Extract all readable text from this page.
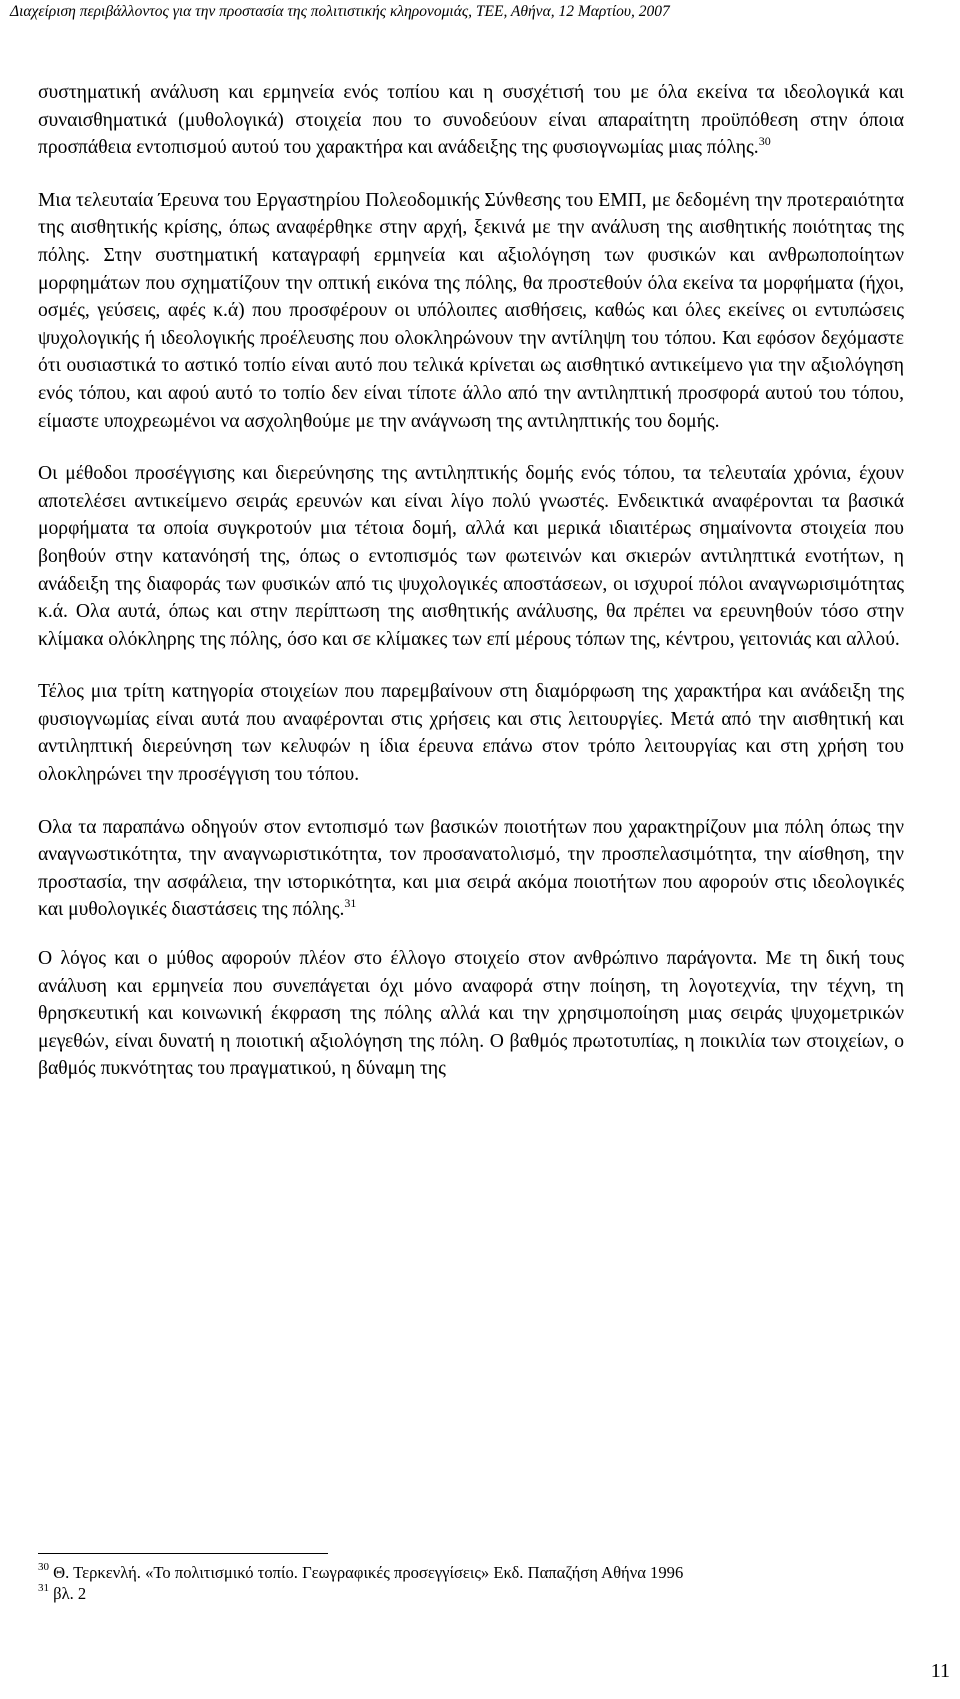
Διαχείριση περιβάλλοντος για την προστασία της πολιτιστικής κληρονομιάς, ΤΕΕ, Αθήνα, 12 Μαρτίου, 2007

συστηματική ανάλυση και ερμηνεία ενός τοπίου και η συσχέτισή του με όλα εκείνα τα ιδεολογικά και συναισθηματικά (μυθολογικά) στοιχεία που το συνοδεύουν είναι απαραίτητη προϋπόθεση στην όποια προσπάθεια εντοπισμού αυτού του χαρακτήρα και ανάδειξης της φυσιογνωμίας μιας πόλης.$^{30}$

Μια τελευταία Έρευνα του Εργαστηρίου Πολεοδομικής Σύνθεσης του ΕΜΠ, με δεδομένη την προτεραιότητα της αισθητικής κρίσης, όπως αναφέρθηκε στην αρχή, ξεκινά με την ανάλυση της αισθητικής ποιότητας της πόλης. Στην συστηματική καταγραφή ερμηνεία και αξιολόγηση των φυσικών και ανθρωποποίητων μορφημάτων που σχηματίζουν την οπτική εικόνα της πόλης, θα προστεθούν όλα εκείνα τα μορφήματα (ήχοι, οσμές, γεύσεις, αφές κ.ά) που προσφέρουν οι υπόλοιπες αισθήσεις, καθώς και όλες εκείνες οι εντυπώσεις ψυχολογικής ή ιδεολογικής προέλευσης που ολοκληρώνουν την αντίληψη του τόπου. Και εφόσον δεχόμαστε ότι ουσιαστικά το αστικό τοπίο είναι αυτό που τελικά κρίνεται ως αισθητικό αντικείμενο για την αξιολόγηση ενός τόπου, και αφού αυτό το τοπίο δεν είναι τίποτε άλλο από την αντιληπτική προσφορά αυτού του τόπου, είμαστε υποχρεωμένοι να ασχοληθούμε με την ανάγνωση της αντιληπτικής του δομής.

Οι μέθοδοι προσέγγισης και διερεύνησης της αντιληπτικής δομής ενός τόπου, τα τελευταία χρόνια, έχουν αποτελέσει αντικείμενο σειράς ερευνών και είναι λίγο πολύ γνωστές. Ενδεικτικά αναφέρονται τα βασικά μορφήματα τα οποία συγκροτούν μια τέτοια δομή, αλλά και μερικά ιδιαιτέρως σημαίνοντα στοιχεία που βοηθούν στην κατανόησή της, όπως ο εντοπισμός των φωτεινών και σκιερών αντιληπτικά ενοτήτων, η ανάδειξη της διαφοράς των φυσικών από τις ψυχολογικές αποστάσεων, οι ισχυροί πόλοι αναγνωρισιμότητας κ.ά. Ολα αυτά, όπως και στην περίπτωση της αισθητικής ανάλυσης, θα πρέπει να ερευνηθούν τόσο στην κλίμακα ολόκληρης της πόλης, όσο και σε κλίμακες των επί μέρους τόπων της, κέντρου, γειτονιάς και αλλού.

Τέλος μια τρίτη κατηγορία στοιχείων που παρεμβαίνουν στη διαμόρφωση της χαρακτήρα και ανάδειξη της φυσιογνωμίας είναι αυτά που αναφέρονται στις χρήσεις και στις λειτουργίες. Μετά από την αισθητική και αντιληπτική διερεύνηση των κελυφών η ίδια έρευνα επάνω στον τρόπο λειτουργίας και στη χρήση του ολοκληρώνει την προσέγγιση του τόπου.

Ολα τα παραπάνω οδηγούν στον εντοπισμό των βασικών ποιοτήτων που χαρακτηρίζουν μια πόλη όπως την αναγνωστικότητα, την αναγνωριστικότητα, τον προσανατολισμό, την προσπελασιμότητα, την αίσθηση, την προστασία, την ασφάλεια, την ιστορικότητα, και μια σειρά ακόμα ποιοτήτων που αφορούν στις ιδεολογικές και μυθολογικές διαστάσεις της πόλης.$^{31}$

Ο λόγος και ο μύθος αφορούν πλέον στο έλλογο στοιχείο στον ανθρώπινο παράγοντα. Με τη δική τους ανάλυση και ερμηνεία που συνεπάγεται όχι μόνο αναφορά στην ποίηση, τη λογοτεχνία, την τέχνη, τη θρησκευτική και κοινωνική έκφραση της πόλης αλλά και την χρησιμοποίηση μιας σειράς ψυχομετρικών μεγεθών, είναι δυνατή η ποιοτική αξιολόγηση της πόλη. Ο βαθμός πρωτοτυπίας, η ποικιλία των στοιχείων, ο βαθμός πυκνότητας του πραγματικού, η δύναμη της

$^{30}$ Θ. Τερκενλή. «Το πολιτισμικό τοπίο. Γεωγραφικές προσεγγίσεις» Εκδ. Παπαζήση Αθήνα 1996
$^{31}$ βλ. 2
11
